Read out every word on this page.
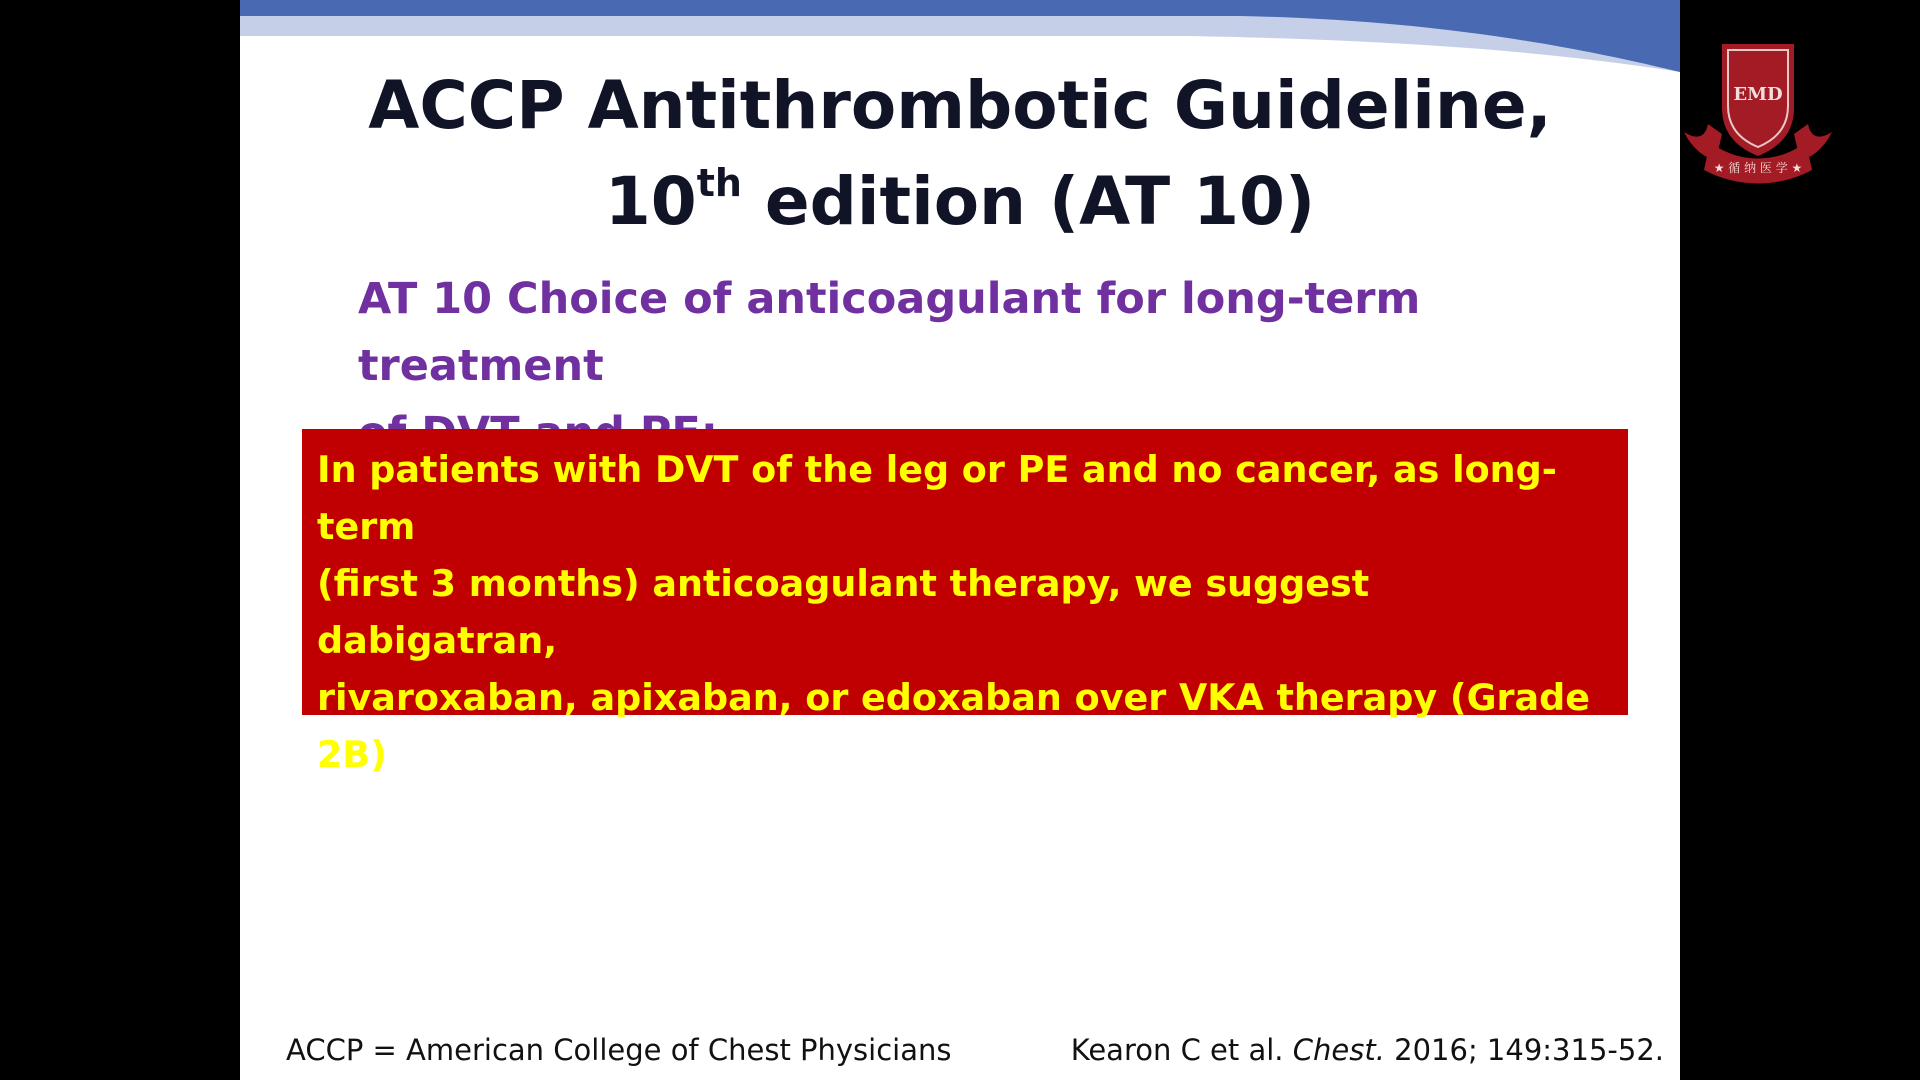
ACCP Antithrombotic Guideline,
10th edition (AT 10)
AT 10 Choice of anticoagulant for long-term treatment

In patients with DVT of the leg or PE and no cancer, as long-term
(first 3 months) anticoagulant therapy, we suggest dabigatran,
rivaroxaban, apixaban, or edoxaban over VKA therapy (Grade 2B)

Remarks: Acute therapy with parenteral anticoagulation is given before
dabigatran and edoxaban

ACCP = American College of Chest Physicians	Kearon C et al. Chest. 2016; 149:315-52.
EMD
★ 循 纳 医 学 ★
